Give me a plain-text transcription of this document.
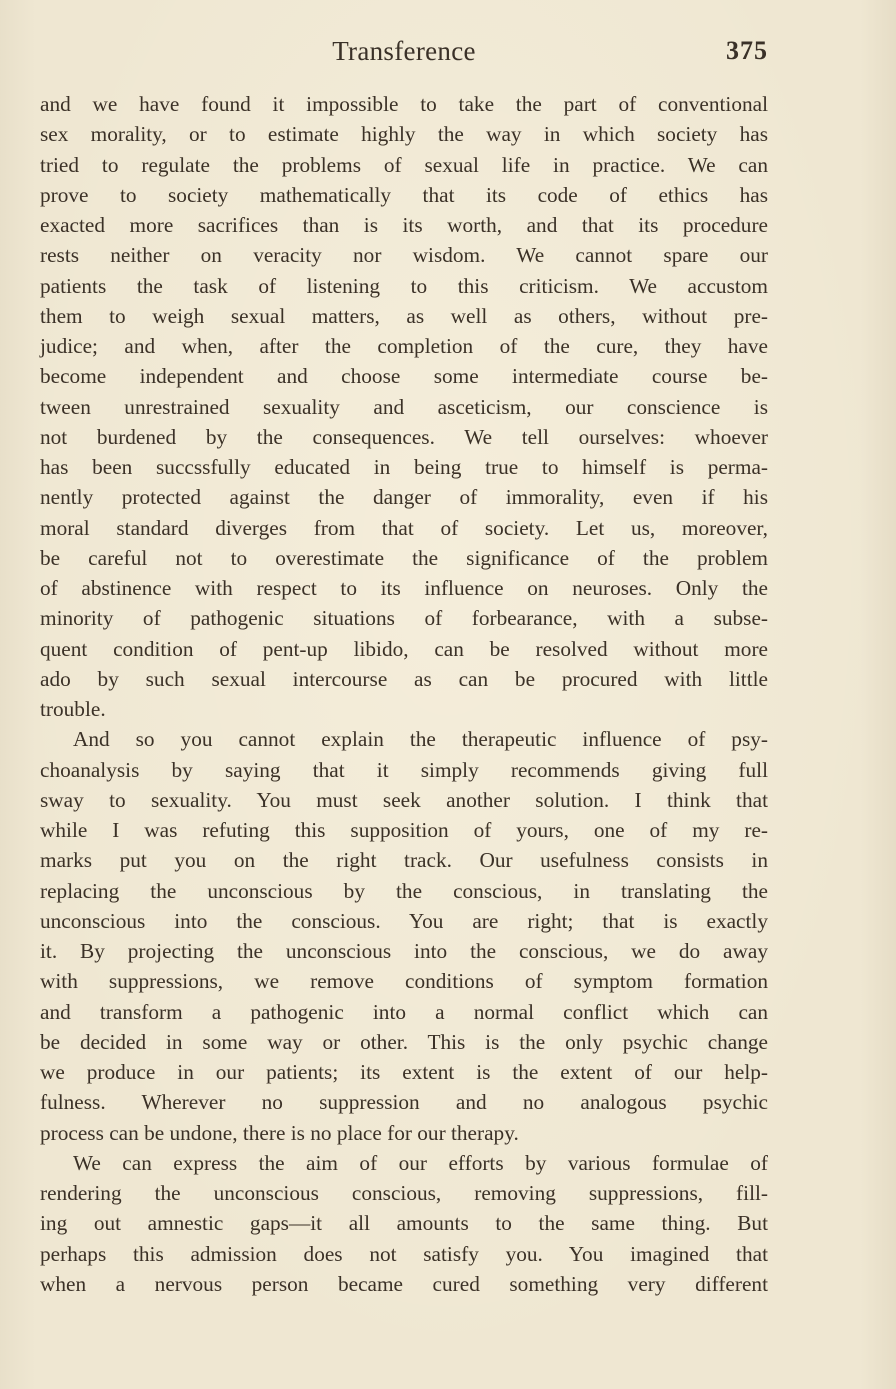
Transference	375
and we have found it impossible to take the part of conventional
sex morality, or to estimate highly the way in which society has
tried to regulate the problems of sexual life in practice. We can
prove to society mathematically that its code of ethics has
exacted more sacrifices than is its worth, and that its procedure
rests neither on veracity nor wisdom. We cannot spare our
patients the task of listening to this criticism. We accustom
them to weigh sexual matters, as well as others, without pre-
judice; and when, after the completion of the cure, they have
become independent and choose some intermediate course be-
tween unrestrained sexuality and asceticism, our conscience is
not burdened by the consequences. We tell ourselves: whoever
has been succssfully educated in being true to himself is perma-
nently protected against the danger of immorality, even if his
moral standard diverges from that of society. Let us, moreover,
be careful not to overestimate the significance of the problem
of abstinence with respect to its influence on neuroses. Only the
minority of pathogenic situations of forbearance, with a subse-
quent condition of pent-up libido, can be resolved without more
ado by such sexual intercourse as can be procured with little
trouble.
And so you cannot explain the therapeutic influence of psy-
choanalysis by saying that it simply recommends giving full
sway to sexuality. You must seek another solution. I think that
while I was refuting this supposition of yours, one of my re-
marks put you on the right track. Our usefulness consists in
replacing the unconscious by the conscious, in translating the
unconscious into the conscious. You are right; that is exactly
it. By projecting the unconscious into the conscious, we do away
with suppressions, we remove conditions of symptom formation
and transform a pathogenic into a normal conflict which can
be decided in some way or other. This is the only psychic change
we produce in our patients; its extent is the extent of our help-
fulness. Wherever no suppression and no analogous psychic
process can be undone, there is no place for our therapy.
We can express the aim of our efforts by various formulae of
rendering the unconscious conscious, removing suppressions, fill-
ing out amnestic gaps—it all amounts to the same thing. But
perhaps this admission does not satisfy you. You imagined that
when a nervous person became cured something very different
